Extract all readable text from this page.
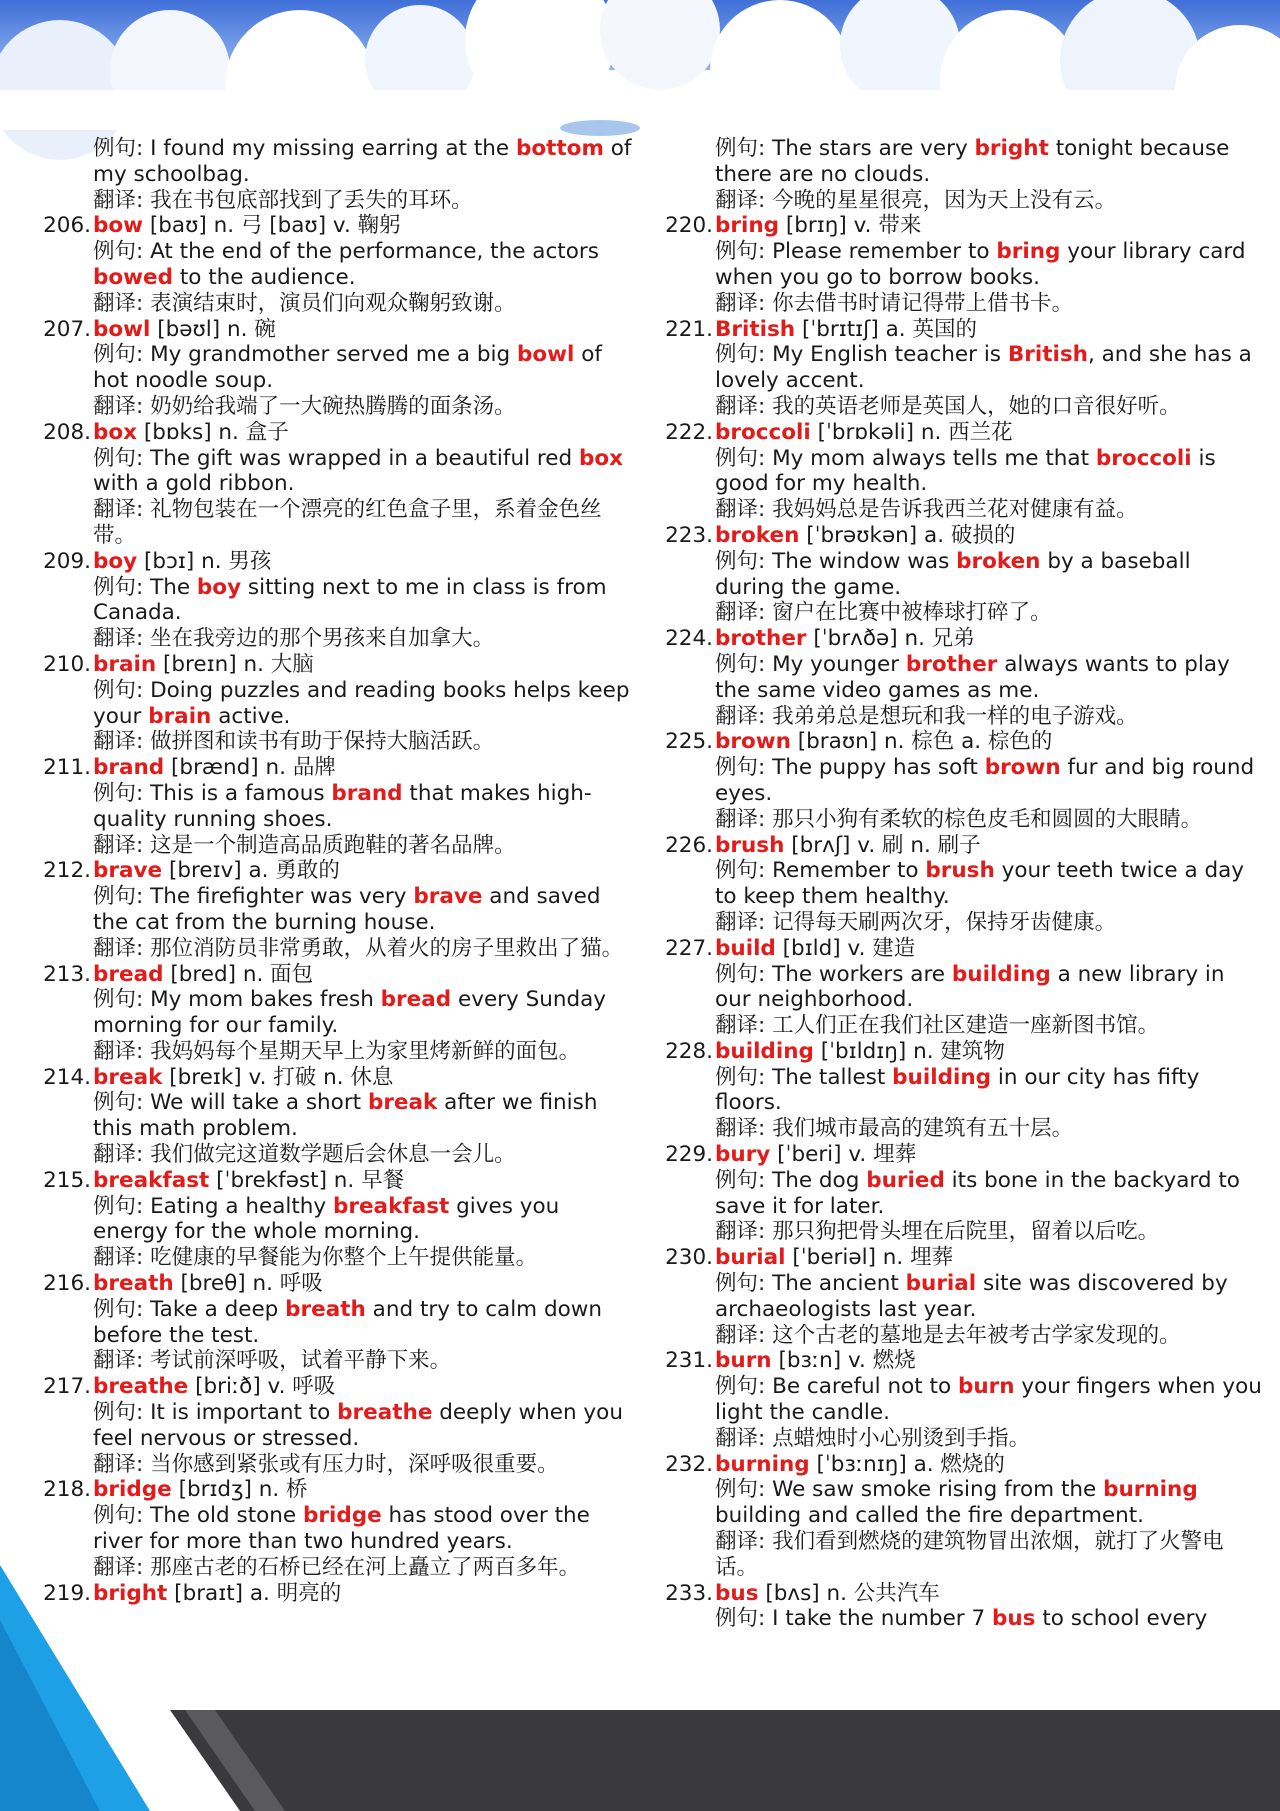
例句: I found my missing earring at the bottom of my schoolbag.
翻译: 我在书包底部找到了丢失的耳环。
206. bow [baʊ] n. 弓 [baʊ] v. 鞠躬
例句: At the end of the performance, the actors bowed to the audience.
翻译: 表演结束时，演员们向观众鞠躬致谢。
207. bowl [bəʊl] n. 碗
例句: My grandmother served me a big bowl of hot noodle soup.
翻译: 奶奶给我端了一大碗热腾腾的面条汤。
208. box [bɒks] n. 盒子
例句: The gift was wrapped in a beautiful red box with a gold ribbon.
翻译: 礼物包装在一个漂亮的红色盒子里，系着金色丝带。
209. boy [bɔɪ] n. 男孩
例句: The boy sitting next to me in class is from Canada.
翻译: 坐在我旁边的那个男孩来自加拿大。
210. brain [breɪn] n. 大脑
例句: Doing puzzles and reading books helps keep your brain active.
翻译: 做拼图和读书有助于保持大脑活跃。
211. brand [brænd] n. 品牌
例句: This is a famous brand that makes high-quality running shoes.
翻译: 这是一个制造高品质跑鞋的著名品牌。
212. brave [breɪv] a. 勇敢的
例句: The firefighter was very brave and saved the cat from the burning house.
翻译: 那位消防员非常勇敢，从着火的房子里救出了猫。
213. bread [bred] n. 面包
例句: My mom bakes fresh bread every Sunday morning for our family.
翻译: 我妈妈每个星期天早上为家里烤新鲜的面包。
214. break [breɪk] v. 打破 n. 休息
例句: We will take a short break after we finish this math problem.
翻译: 我们做完这道数学题后会休息一会儿。
215. breakfast [ˈbrekfəst] n. 早餐
例句: Eating a healthy breakfast gives you energy for the whole morning.
翻译: 吃健康的早餐能为你整个上午提供能量。
216. breath [breθ] n. 呼吸
例句: Take a deep breath and try to calm down before the test.
翻译: 考试前深呼吸，试着平静下来。
217. breathe [briːð] v. 呼吸
例句: It is important to breathe deeply when you feel nervous or stressed.
翻译: 当你感到紧张或有压力时，深呼吸很重要。
218. bridge [brɪdʒ] n. 桥
例句: The old stone bridge has stood over the river for more than two hundred years.
翻译: 那座古老的石桥已经在河上矗立了两百多年。
219. bright [braɪt] a. 明亮的
例句: The stars are very bright tonight because there are no clouds.
翻译: 今晚的星星很亮，因为天上没有云。
220. bring [brɪŋ] v. 带来
例句: Please remember to bring your library card when you go to borrow books.
翻译: 你去借书时请记得带上借书卡。
221. British [ˈbrɪtɪʃ] a. 英国的
例句: My English teacher is British, and she has a lovely accent.
翻译: 我的英语老师是英国人，她的口音很好听。
222. broccoli [ˈbrɒkəli] n. 西兰花
例句: My mom always tells me that broccoli is good for my health.
翻译: 我妈妈总是告诉我西兰花对健康有益。
223. broken [ˈbrəʊkən] a. 破损的
例句: The window was broken by a baseball during the game.
翻译: 窗户在比赛中被棒球打碎了。
224. brother [ˈbrʌðə] n. 兄弟
例句: My younger brother always wants to play the same video games as me.
翻译: 我弟弟总是想玩和我一样的电子游戏。
225. brown [braʊn] n. 棕色 a. 棕色的
例句: The puppy has soft brown fur and big round eyes.
翻译: 那只小狗有柔软的棕色皮毛和圆圆的大眼睛。
226. brush [brʌʃ] v. 刷 n. 刷子
例句: Remember to brush your teeth twice a day to keep them healthy.
翻译: 记得每天刷两次牙，保持牙齿健康。
227. build [bɪld] v. 建造
例句: The workers are building a new library in our neighborhood.
翻译: 工人们正在我们社区建造一座新图书馆。
228. building [ˈbɪldɪŋ] n. 建筑物
例句: The tallest building in our city has fifty floors.
翻译: 我们城市最高的建筑有五十层。
229. bury [ˈberi] v. 埋葬
例句: The dog buried its bone in the backyard to save it for later.
翻译: 那只狗把骨头埋在后院里，留着以后吃。
230. burial [ˈberiəl] n. 埋葬
例句: The ancient burial site was discovered by archaeologists last year.
翻译: 这个古老的墓地是去年被考古学家发现的。
231. burn [bɜːn] v. 燃烧
例句: Be careful not to burn your fingers when you light the candle.
翻译: 点蜡烛时小心别烫到手指。
232. burning [ˈbɜːnɪŋ] a. 燃烧的
例句: We saw smoke rising from the burning building and called the fire department.
翻译: 我们看到燃烧的建筑物冒出浓烟，就打了火警电话。
233. bus [bʌs] n. 公共汽车
例句: I take the number 7 bus to school every
